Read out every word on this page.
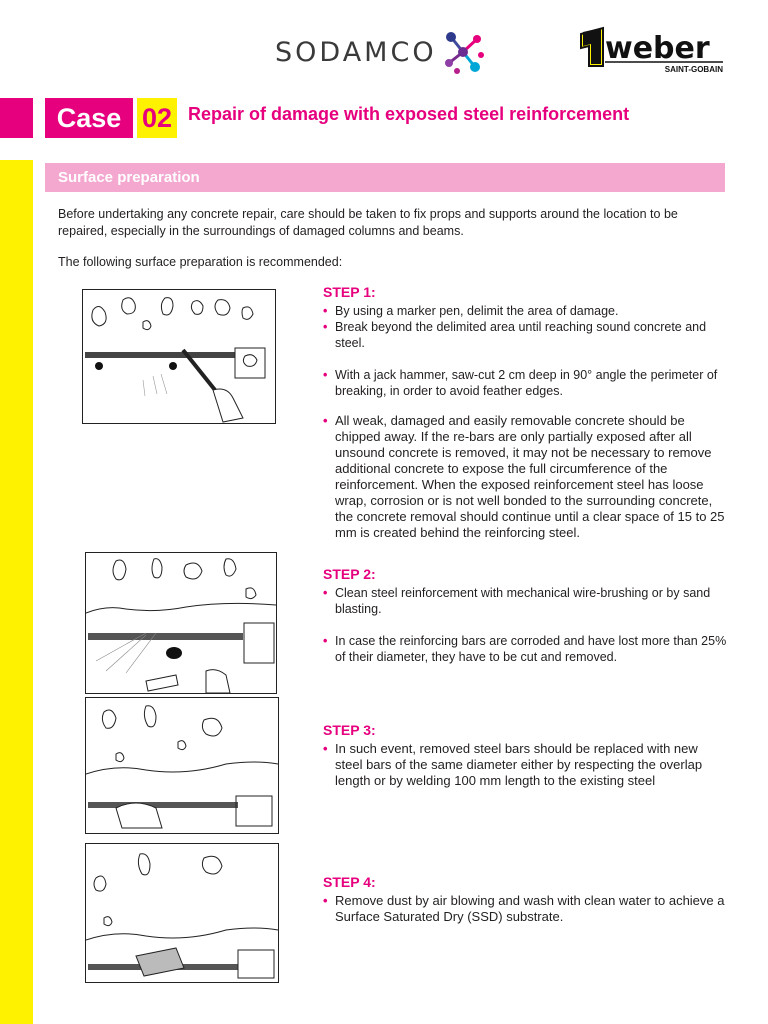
SODAMCO	weber
SAINT-GOBAIN
Case 02 Repair of damage with exposed steel reinforcement
Surface preparation
Before undertaking any concrete repair, care should be taken to fix props and supports around the location to be repaired, especially in the surroundings of damaged columns and beams.
The following surface preparation is recommended:
STEP 1:
• By using a marker pen, delimit the area of damage.
• Break beyond the delimited area until reaching sound concrete and steel.
• With a jack hammer, saw-cut 2 cm deep in 90° angle the perimeter of breaking, in order to avoid feather edges.
• All weak, damaged and easily removable concrete should be chipped away. If the re-bars are only partially exposed after all unsound concrete is removed, it may not be necessary to remove additional concrete to expose the full circumference of the reinforcement. When the exposed reinforcement steel has loose wrap, corrosion or is not well bonded to the surrounding concrete, the concrete removal should continue until a clear space of 15 to 25 mm is created behind the reinforcing steel.
STEP 2:
• Clean steel reinforcement with mechanical wire-brushing or by sand blasting.
• In case the reinforcing bars are corroded and have lost more than 25% of their diameter, they have to be cut and removed.
STEP 3:
• In such event, removed steel bars should be replaced with new steel bars of the same diameter either by respecting the overlap length or by welding 100 mm length to the existing steel
STEP 4:
• Remove dust by air blowing and wash with clean water to achieve a Surface Saturated Dry (SSD) substrate.
